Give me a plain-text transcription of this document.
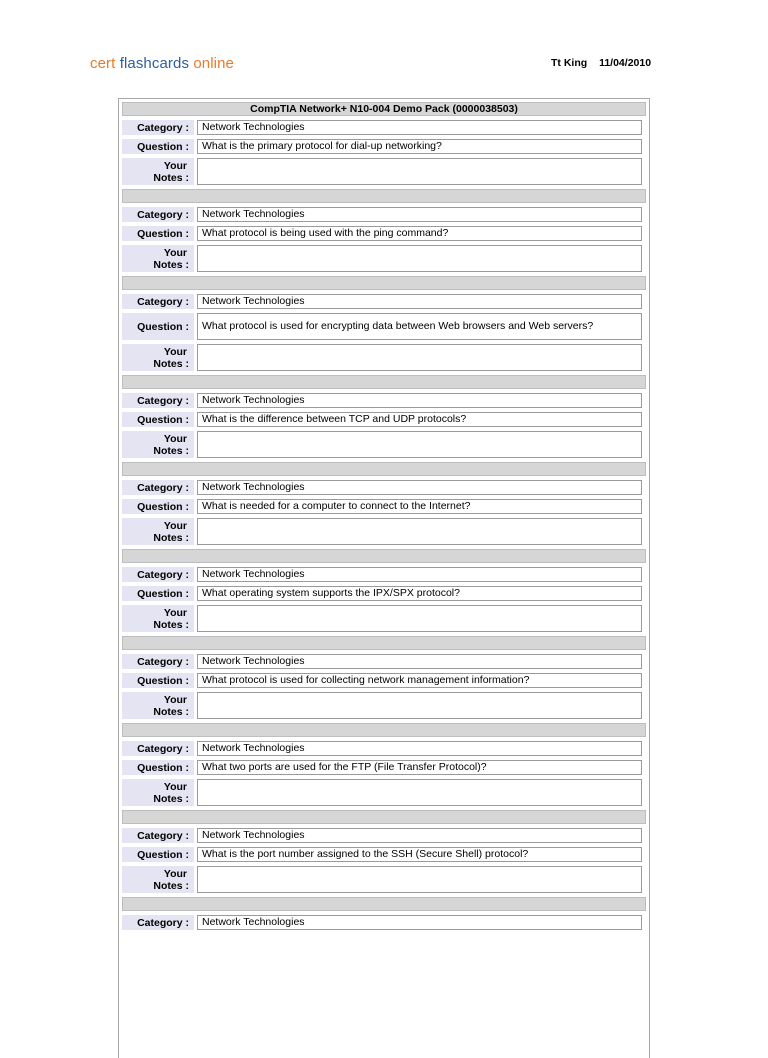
cert flashcards online	Tt King 11/04/2010
CompTIA Network+ N10-004 Demo Pack (0000038503)
Category :	Network Technologies
Question :	What is the primary protocol for dial-up networking?
Your
Notes :
Category :	Network Technologies
Question :	What protocol is being used with the ping command?
Your
Notes :
Category :	Network Technologies
Question :	What protocol is used for encrypting data between Web browsers and Web servers?
Your
Notes :
Category :	Network Technologies
Question :	What is the difference between TCP and UDP protocols?
Your
Notes :
Category :	Network Technologies
Question :	What is needed for a computer to connect to the Internet?
Your
Notes :
Category :	Network Technologies
Question :	What operating system supports the IPX/SPX protocol?
Your
Notes :
Category :	Network Technologies
Question :	What protocol is used for collecting network management information?
Your
Notes :
Category :	Network Technologies
Question :	What two ports are used for the FTP (File Transfer Protocol)?
Your
Notes :
Category :	Network Technologies
Question :	What is the port number assigned to the SSH (Secure Shell) protocol?
Your
Notes :
Category :	Network Technologies
